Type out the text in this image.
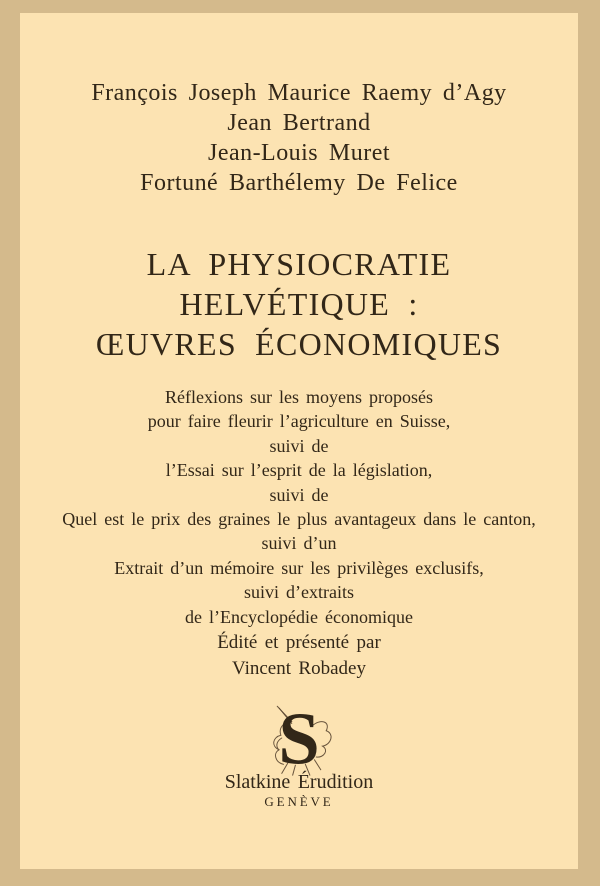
François Joseph Maurice Raemy d’Agy
Jean Bertrand
Jean-Louis Muret
Fortuné Barthélemy De Felice
LA PHYSIOCRATIE
HELVÉTIQUE :
ŒUVRES ÉCONOMIQUES
Réflexions sur les moyens proposés
pour faire fleurir l’agriculture en Suisse,
suivi de
l’Essai sur l’esprit de la législation,
suivi de
Quel est le prix des graines le plus avantageux dans le canton,
suivi d’un
Extrait d’un mémoire sur les privilèges exclusifs,
suivi d’extraits
de l’Encyclopédie économique
Édité et présenté par
Vincent Robadey
S
Slatkine Érudition
GENÈVE
